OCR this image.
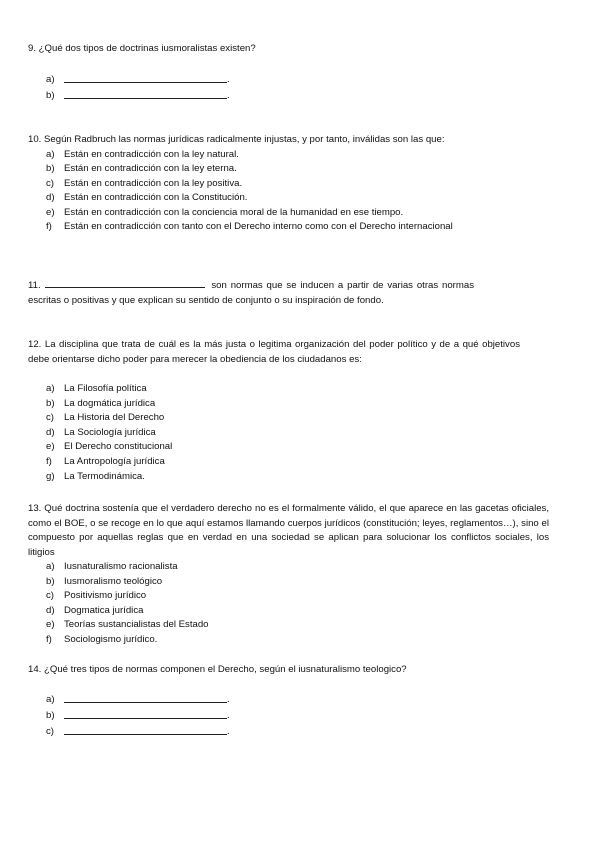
9. ¿Qué dos tipos de doctrinas iusmoralistas existen?

a)	.
b)	.

10. Según Radbruch las normas jurídicas radicalmente injustas, y por tanto, inválidas son las que:

a) Están en contradicción con la ley natural.
b) Están en contradicción con la ley eterna.
c) Están en contradicción con la ley positiva.
d) Están en contradicción con la Constitución.
e) Están en contradicción con la conciencia moral de la humanidad en ese tiempo.
f) Están en contradicción con tanto con el Derecho interno como con el Derecho internacional

11.	son normas que se inducen a partir de varias otras normas escritas o positivas y que explican su sentido de conjunto o su inspiración de fondo.

12. La disciplina que trata de cuál es la más justa o legitima organización del poder político y de a qué objetivos debe orientarse dicho poder para merecer la obediencia de los ciudadanos es:

a) La Filosofía política
b) La dogmática jurídica
c) La Historia del Derecho
d) La Sociología jurídica
e) El Derecho constitucional
f) La Antropología jurídica
g) La Termodinámica.

13. Qué doctrina sostenía que el verdadero derecho no es el formalmente válido, el que aparece en las gacetas oficiales, como el BOE, o se recoge en lo que aquí estamos llamando cuerpos jurídicos (constitución; leyes, reglamentos…), sino el compuesto por aquellas reglas que en verdad en una sociedad se aplican para solucionar los conflictos sociales, los litigios

a) Iusnaturalismo racionalista
b) Iusmoralismo teológico
c) Positivismo jurídico
d) Dogmatica jurídica
e) Teorías sustancialistas del Estado
f) Sociologismo jurídico.

14. ¿Qué tres tipos de normas componen el Derecho, según el iusnaturalismo teologico?

a)	.
b)	.
c)	.
